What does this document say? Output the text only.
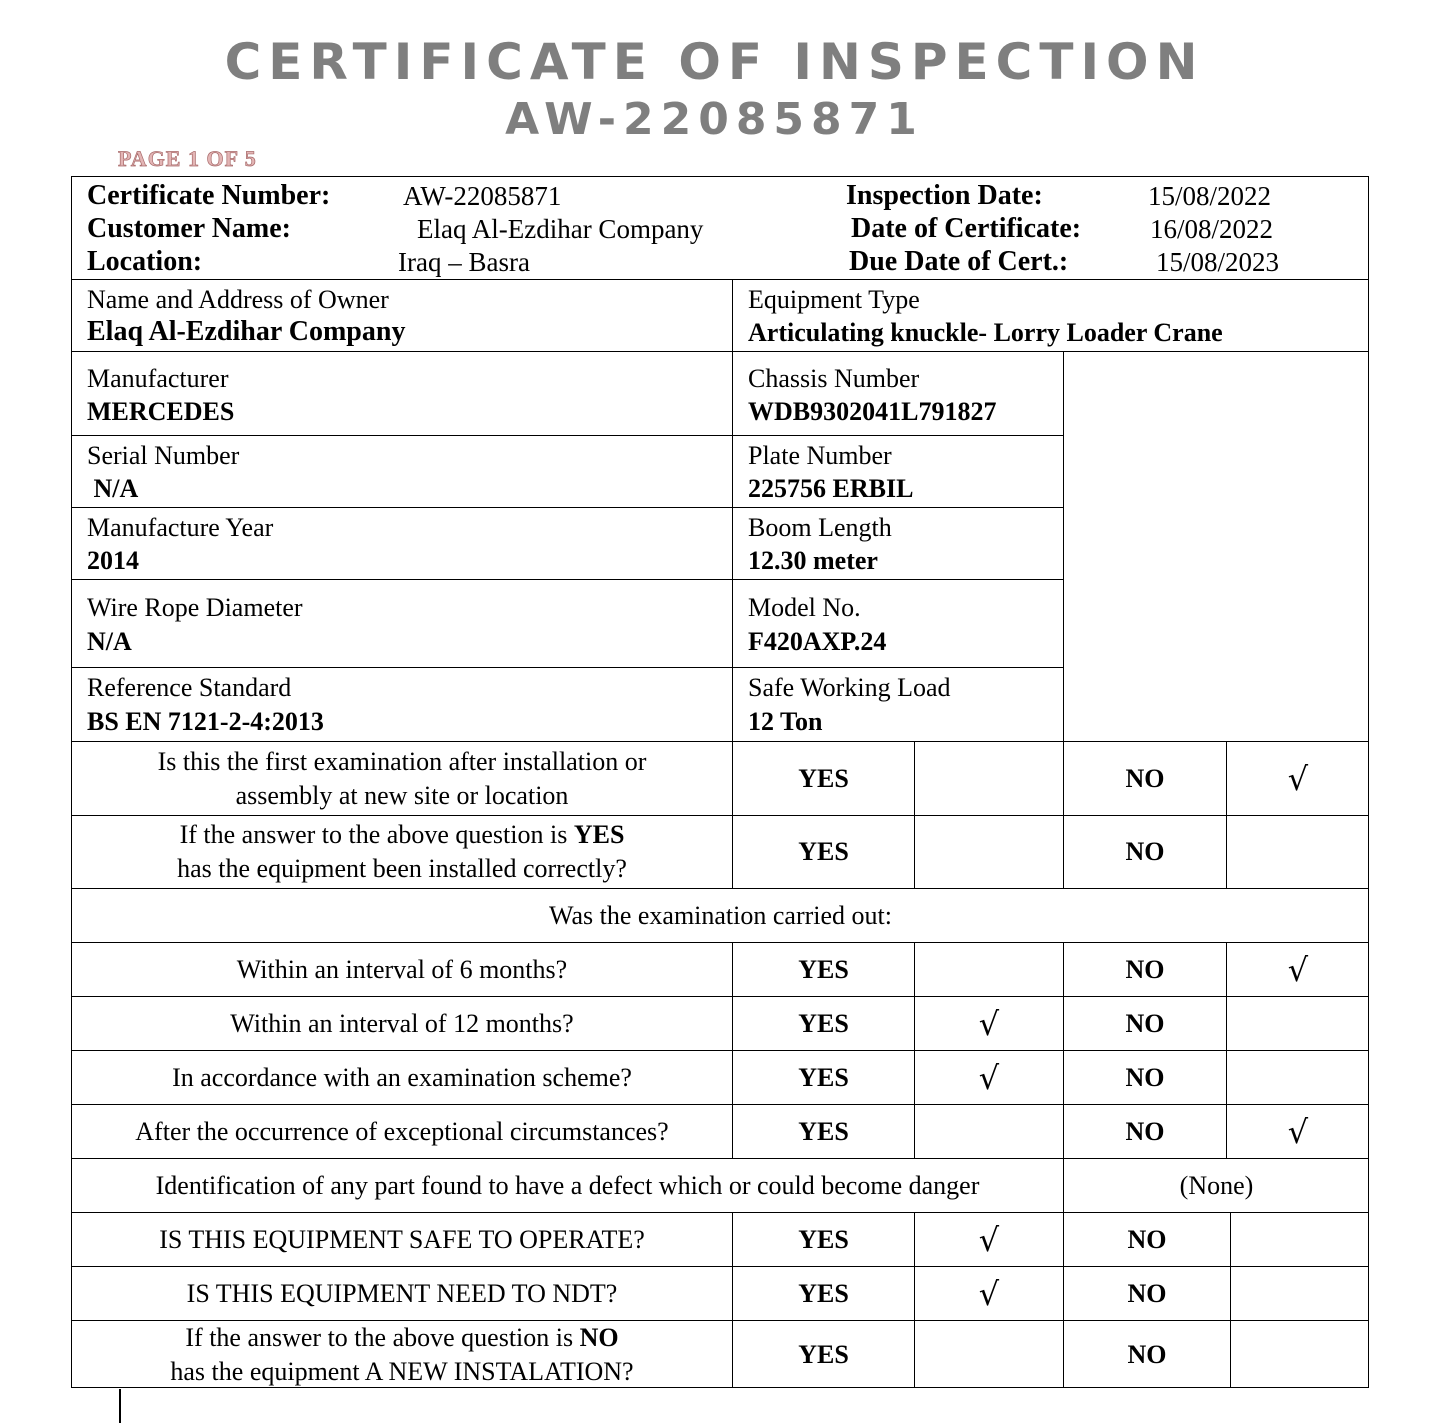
CERTIFICATE OF INSPECTION
AW-22085871
PAGE 1 OF 5
Certificate Number:	AW-22085871
Customer Name:	Elaq Al-Ezdihar Company
Location:	Iraq – Basra
Inspection Date:	15/08/2022
Date of Certificate:	16/08/2022
Due Date of Cert.:	15/08/2023
Name and Address of Owner
Elaq Al-Ezdihar Company
Equipment Type
Articulating knuckle- Lorry Loader Crane
Manufacturer
MERCEDES
Chassis Number
WDB9302041L791827
Serial Number
N/A
Plate Number
225756 ERBIL
Manufacture Year
2014
Boom Length
12.30 meter
Wire Rope Diameter
N/A
Model No.
F420AXP.24
Reference Standard
BS EN 7121-2-4:2013
Safe Working Load
12 Ton
Is this the first examination after installation or
assembly at new site or location
YES	NO	√
If the answer to the above question is YES
has the equipment been installed correctly?
YES	NO
Was the examination carried out:
Within an interval of 6 months?	YES	NO	√
Within an interval of 12 months?	YES	√	NO
In accordance with an examination scheme?	YES	√	NO
After the occurrence of exceptional circumstances?	YES	NO	√
Identification of any part found to have a defect which or could become danger	(None)
IS THIS EQUIPMENT SAFE TO OPERATE?	YES	√	NO
IS THIS EQUIPMENT NEED TO NDT?	YES	√	NO
If the answer to the above question is NO
has the equipment A NEW INSTALATION?
YES	NO
